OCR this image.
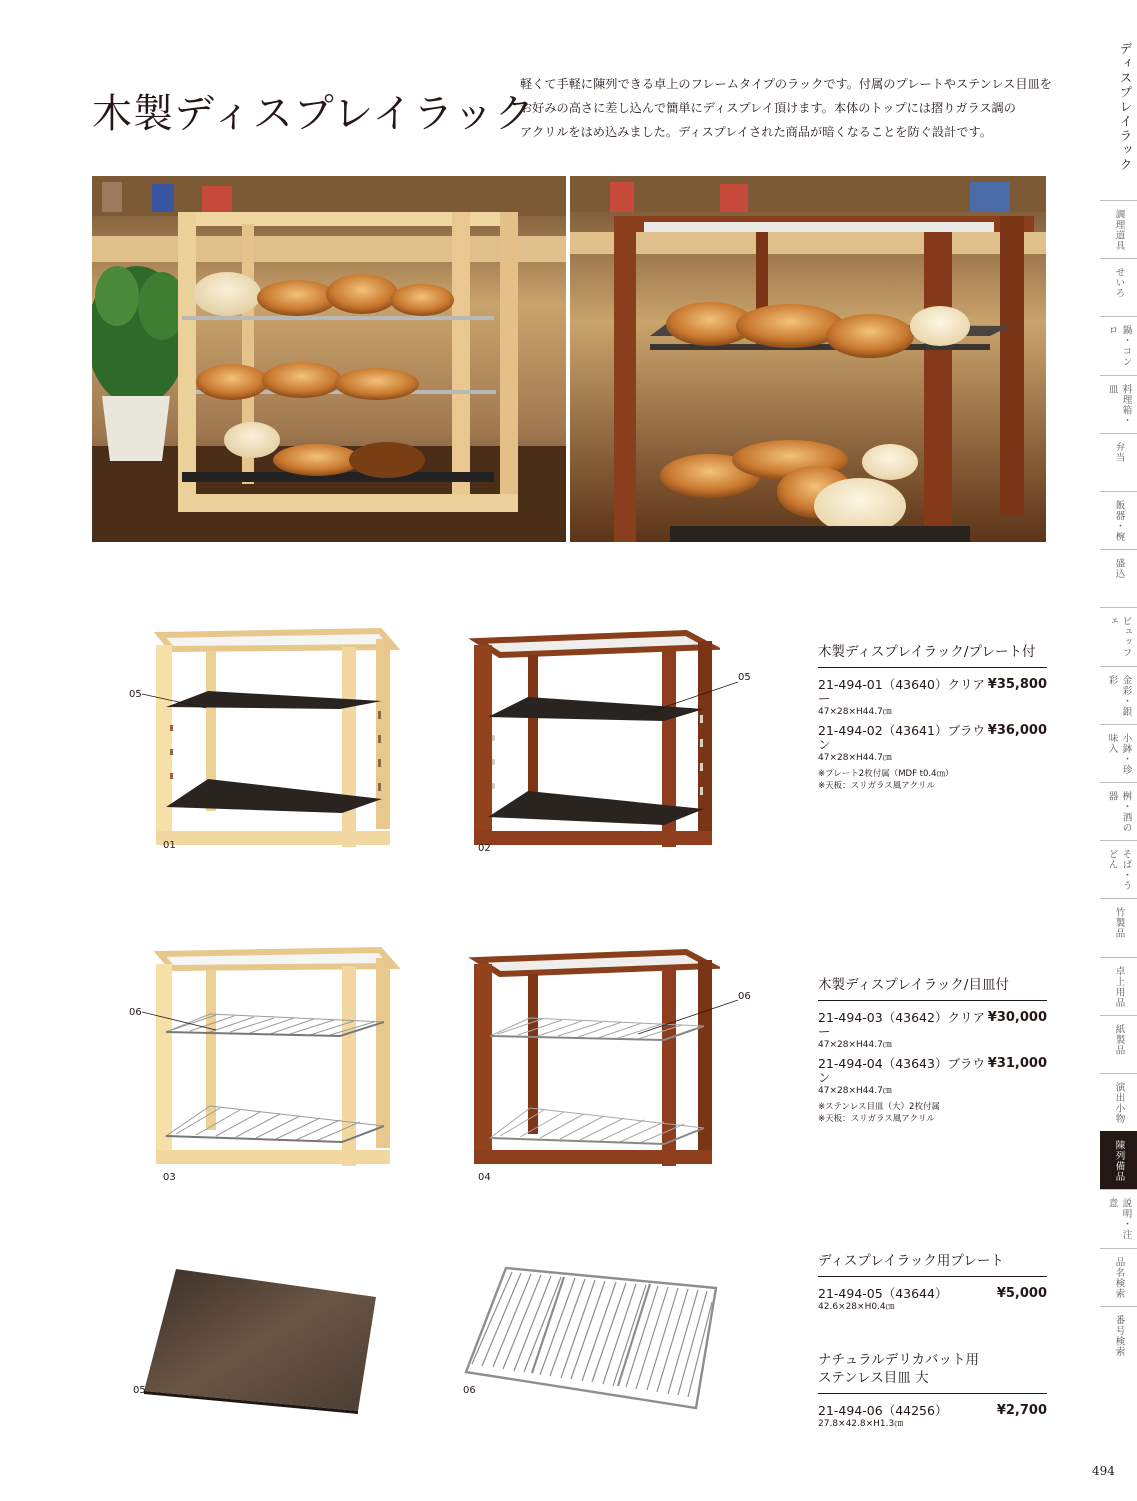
木製ディスプレイラック
軽くて手軽に陳列できる卓上のフレームタイプのラックです。付属のプレートやステンレス目皿を
お好みの高さに差し込んで簡単にディスプレイ頂けます。本体のトップには摺りガラス調の
アクリルをはめ込みました。ディスプレイされた商品が暗くなることを防ぐ設計です。
01
05
02
05
03
06
04
06
05	06
木製ディスプレイラック/プレート付
21-494-01（43640）クリアー
¥35,800
47×28×H44.7㎝
21-494-02（43641）ブラウン
¥36,000
47×28×H44.7㎝
※プレート2枚付属（MDF t0.4㎝）
※天板：スリガラス風アクリル
木製ディスプレイラック/目皿付
21-494-03（43642）クリアー
¥30,000
47×28×H44.7㎝
21-494-04（43643）ブラウン
¥31,000
47×28×H44.7㎝
※ステンレス目皿（大）2枚付属
※天板：スリガラス風アクリル
ディスプレイラック用プレート
21-494-05（43644）	¥5,000
42.6×28×H0.4㎝
ナチュラルデリカバット用
ステンレス目皿 大
21-494-06（44256）	¥2,700
27.8×42.8×H1.3㎝
ディスプレイラック
調理道具
せいろ
鍋・コンロ
料理箱・皿
弁当
飯器・椀
盛込
ビュッフェ
金彩・銀彩
小鉢・珍味入
桝・酒の器
そば・うどん
竹製品
卓上用品
紙製品
演出小物
陳列備品
説明・注意
品名検索
番号検索
494
